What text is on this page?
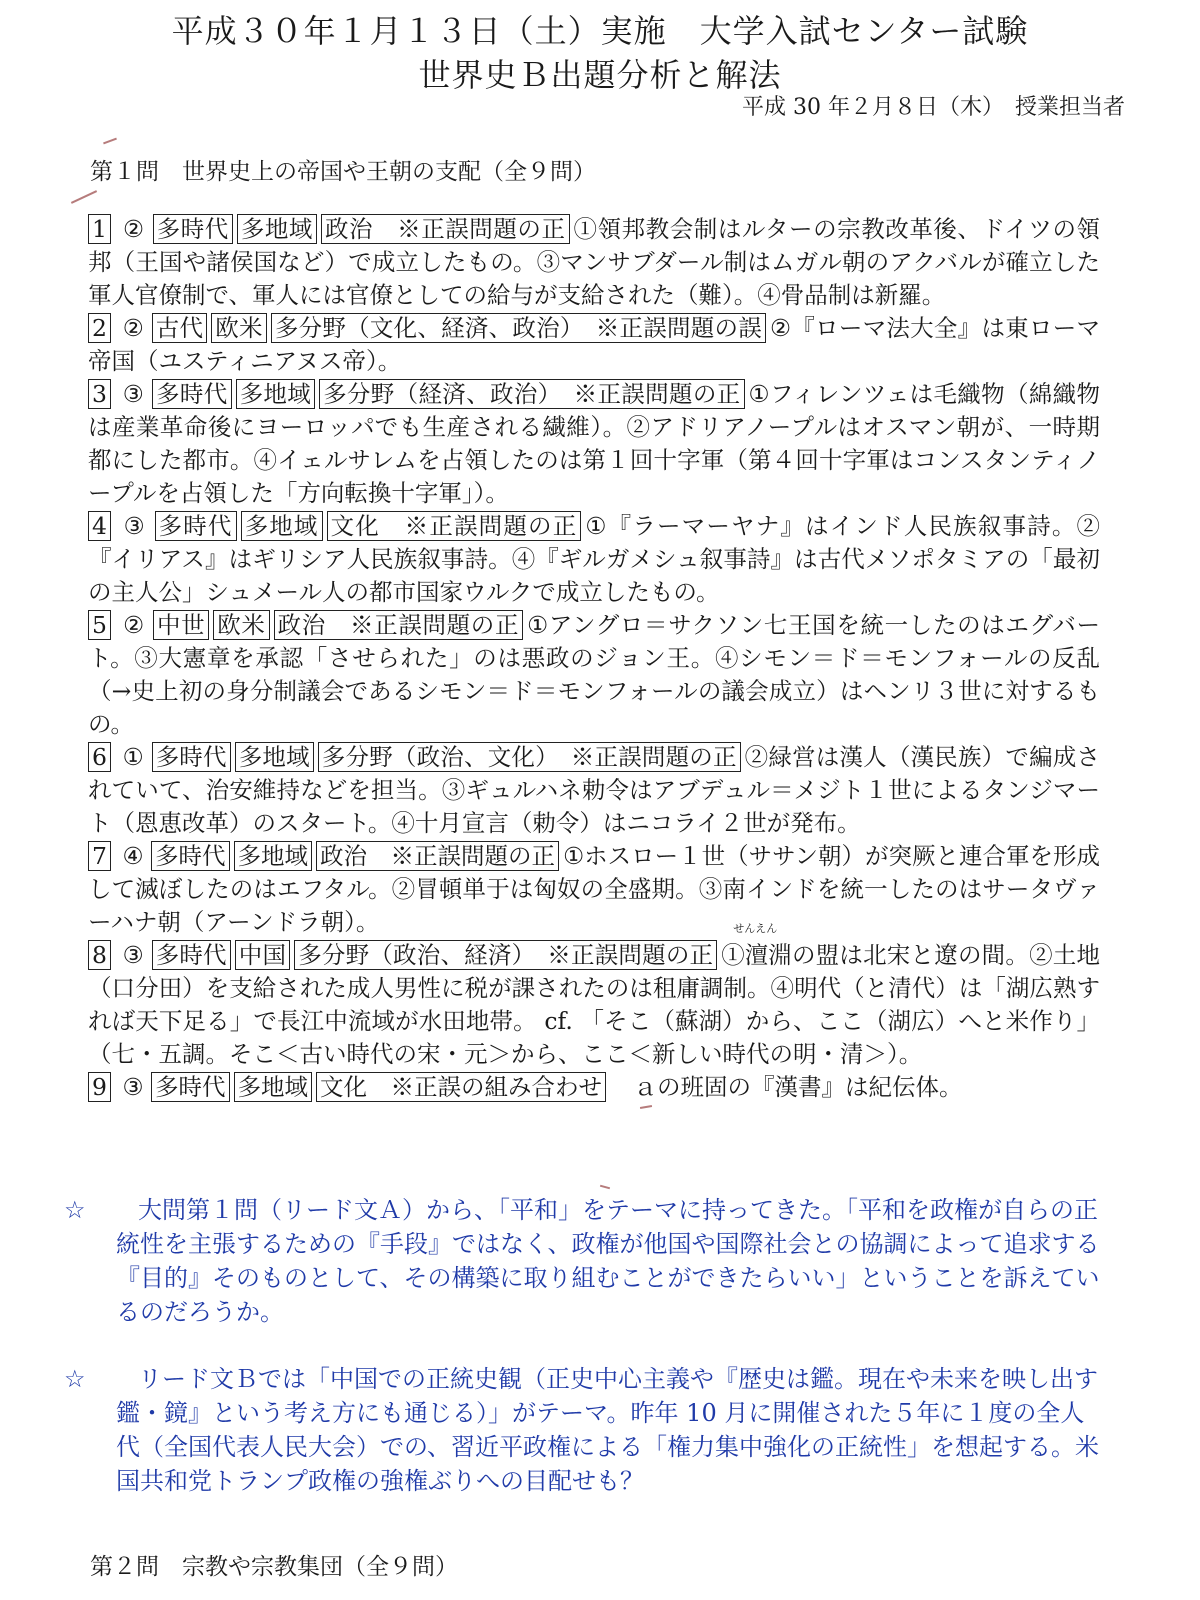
平成３０年１月１３日（土）実施　大学入試センター試験
世界史Ｂ出題分析と解法
平成 30 年２月８日（木）　授業担当者
第１問　世界史上の帝国や王朝の支配（全９問）

1 ② 多時代 多地域 政治　※正誤問題の正 ①領邦教会制はルターの宗教改革後、ドイツの領邦（王国や諸侯国など）で成立したもの。③マンサブダール制はムガル朝のアクバルが確立した軍人官僚制で、軍人には官僚としての給与が支給された（難）。④骨品制は新羅。

2 ② 古代 欧米 多分野（文化、経済、政治）　※正誤問題の誤 ②『ローマ法大全』は東ローマ帝国（ユスティニアヌス帝）。

3 ③ 多時代 多地域 多分野（経済、政治）　※正誤問題の正 ①フィレンツェは毛織物（綿織物は産業革命後にヨーロッパでも生産される繊維）。②アドリアノープルはオスマン朝が、一時期都にした都市。④イェルサレムを占領したのは第１回十字軍（第４回十字軍はコンスタンティノープルを占領した「方向転換十字軍」）。

4 ③ 多時代 多地域 文化　※正誤問題の正 ①『ラーマーヤナ』はインド人民族叙事詩。②『イリアス』はギリシア人民族叙事詩。④『ギルガメシュ叙事詩』は古代メソポタミアの「最初の主人公」シュメール人の都市国家ウルクで成立したもの。

5 ② 中世 欧米 政治　※正誤問題の正 ①アングロ＝サクソン七王国を統一したのはエグバート。③大憲章を承認「させられた」のは悪政のジョン王。④シモン＝ド＝モンフォールの反乱（→史上初の身分制議会であるシモン＝ド＝モンフォールの議会成立）はヘンリ３世に対するもの。

6 ① 多時代 多地域 多分野（政治、文化）　※正誤問題の正 ②緑営は漢人（漢民族）で編成されていて、治安維持などを担当。③ギュルハネ勅令はアブデュル＝メジト１世によるタンジマート（恩恵改革）のスタート。④十月宣言（勅令）はニコライ２世が発布。

7 ④ 多時代 多地域 政治　※正誤問題の正 ①ホスロー１世（ササン朝）が突厥と連合軍を形成して滅ぼしたのはエフタル。②冒頓単于は匈奴の全盛期。③南インドを統一したのはサータヴァーハナ朝（アーンドラ朝）。

8 ③ 多時代 中国 多分野（政治、経済）　※正誤問題の正
せんえん
①澶淵の盟は北宋と遼の間。②土地（口分田）を支給された成人男性に税が課されたのは租庸調制。④明代（と清代）は「湖広熟すれば天下足る」で長江中流域が水田地帯。 cf. 「そこ（蘇湖）から、ここ（湖広）へと米作り」（七・五調。そこ＜古い時代の宋・元＞から、ここ＜新しい時代の明・清＞）。

9 ③ 多時代 多地域 文化　※正誤の組み合わせ　 ａの班固の『漢書』は紀伝体。

☆ 大問第１問（リード文Ａ）から、「平和」をテーマに持ってきた。「平和を政権が自らの正統性を主張するための『手段』ではなく、政権が他国や国際社会との協調によって追求する『目的』そのものとして、その構築に取り組むことができたらいい」ということを訴えているのだろうか。

☆ リード文Ｂでは「中国での正統史観（正史中心主義や『歴史は鑑。現在や未来を映し出す鑑・鏡』という考え方にも通じる）」がテーマ。昨年 10 月に開催された５年に１度の全人代（全国代表人民大会）での、習近平政権による「権力集中強化の正統性」を想起する。米国共和党トランプ政権の強権ぶりへの目配せも？

第２問　宗教や宗教集団（全９問）
